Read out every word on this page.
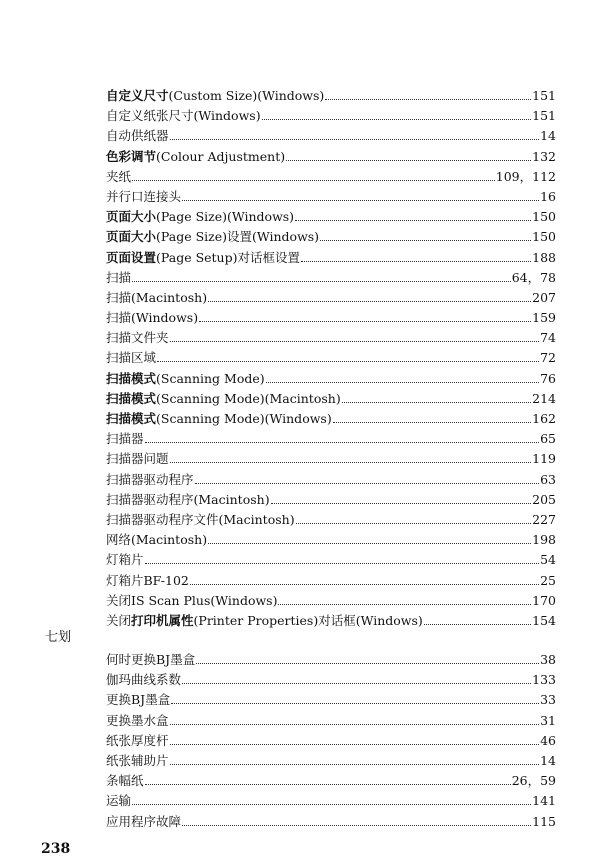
自定义尺寸(Custom Size)(Windows)	151
自定义纸张尺寸(Windows)	151
自动供纸器	14
色彩调节(Colour Adjustment)	132
夹纸	109，112
并行口连接头	16
页面大小(Page Size)(Windows)	150
页面大小(Page Size)设置(Windows)	150
页面设置(Page Setup)对话框设置	188
扫描	64，78
扫描(Macintosh)	207
扫描(Windows)	159
扫描文件夹	74
扫描区域	72
扫描模式(Scanning Mode)	76
扫描模式(Scanning Mode)(Macintosh)	214
扫描模式(Scanning Mode)(Windows)	162
扫描器	65
扫描器问题	119
扫描器驱动程序	63
扫描器驱动程序(Macintosh)	205
扫描器驱动程序文件(Macintosh)	227
网络(Macintosh)	198
灯箱片	54
灯箱片BF-102	25
关闭IS Scan Plus(Windows)	170
关闭打印机属性(Printer Properties)对话框(Windows)	154
七划
何时更换BJ墨盒	38
伽玛曲线系数	133
更换BJ墨盒	33
更换墨水盒	31
纸张厚度杆	46
纸张辅助片	14
条幅纸	26，59
运输	141
应用程序故障	115
238
